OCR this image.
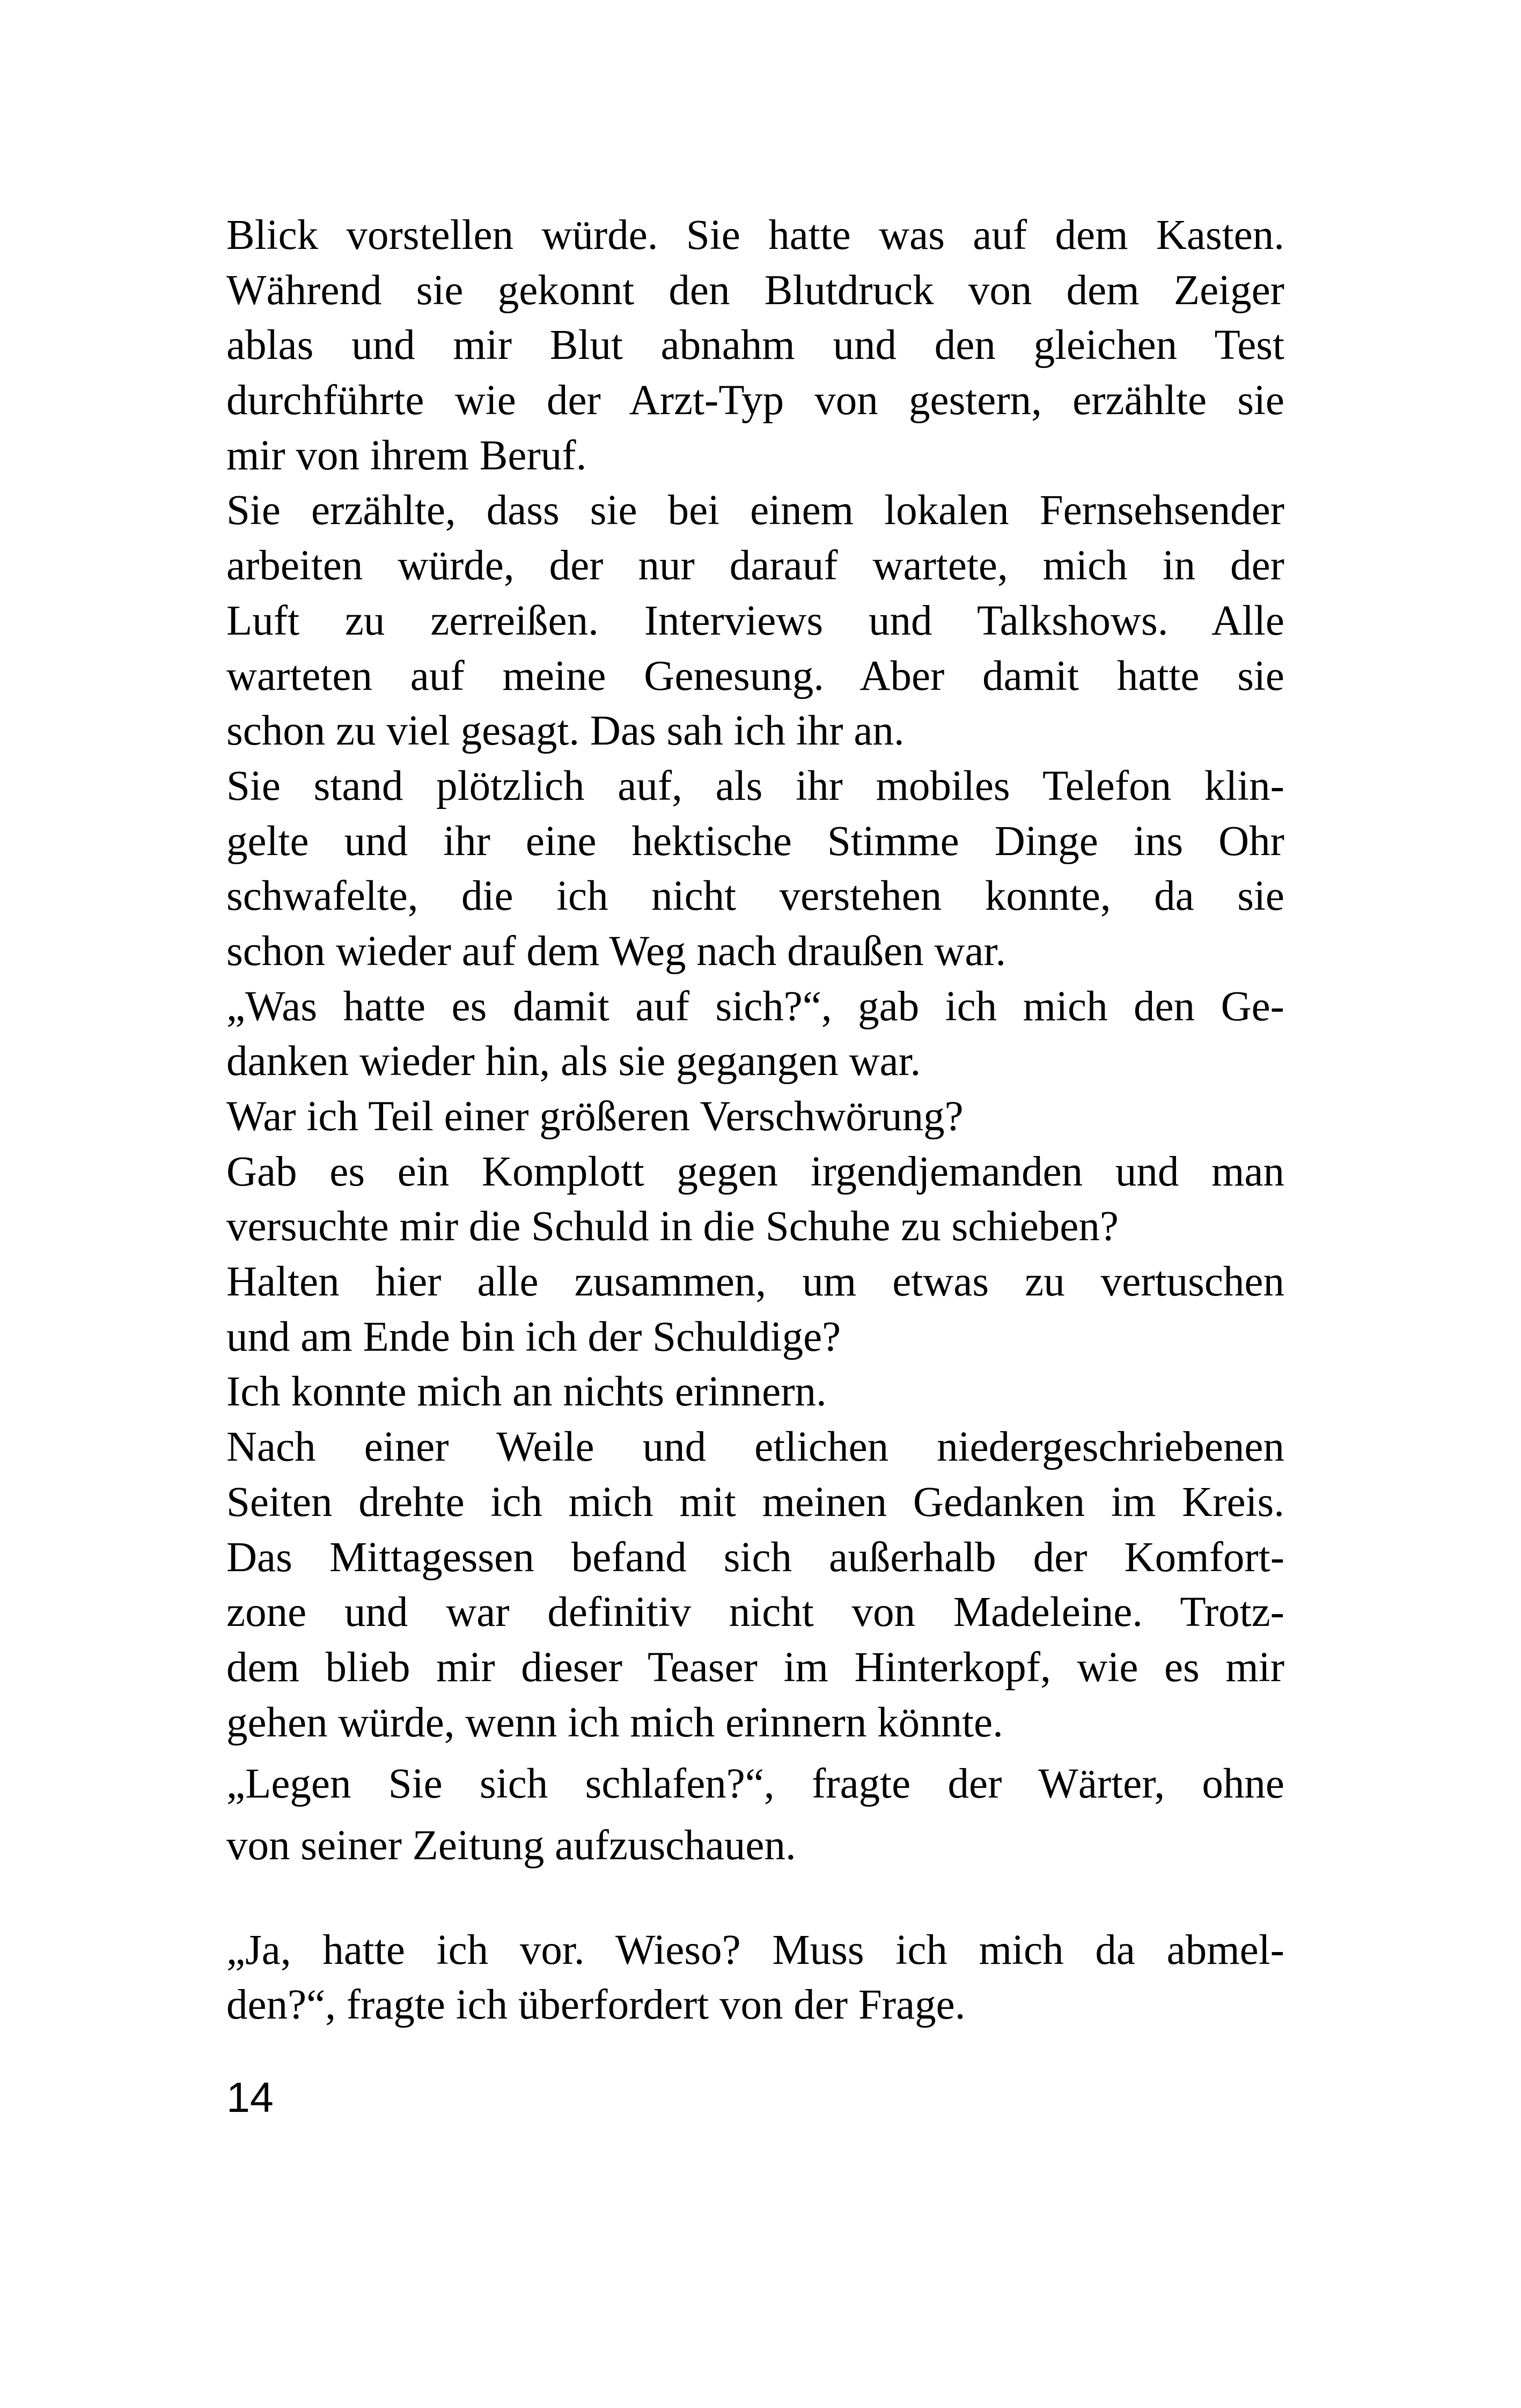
Blick vorstellen würde. Sie hatte was auf dem Kasten.
Während sie gekonnt den Blutdruck von dem Zeiger
ablas und mir Blut abnahm und den gleichen Test
durchführte wie der Arzt-Typ von gestern, erzählte sie
mir von ihrem Beruf.
Sie erzählte, dass sie bei einem lokalen Fernsehsender
arbeiten würde, der nur darauf wartete, mich in der
Luft zu zerreißen. Interviews und Talkshows. Alle
warteten auf meine Genesung. Aber damit hatte sie
schon zu viel gesagt. Das sah ich ihr an.
Sie stand plötzlich auf, als ihr mobiles Telefon klin-
gelte und ihr eine hektische Stimme Dinge ins Ohr
schwafelte, die ich nicht verstehen konnte, da sie
schon wieder auf dem Weg nach draußen war.
„Was hatte es damit auf sich?“, gab ich mich den Ge-
danken wieder hin, als sie gegangen war.
War ich Teil einer größeren Verschwörung?
Gab es ein Komplott gegen irgendjemanden und man
versuchte mir die Schuld in die Schuhe zu schieben?
Halten hier alle zusammen, um etwas zu vertuschen
und am Ende bin ich der Schuldige?
Ich konnte mich an nichts erinnern.
Nach einer Weile und etlichen niedergeschriebenen
Seiten drehte ich mich mit meinen Gedanken im Kreis.
Das Mittagessen befand sich außerhalb der Komfort-
zone und war definitiv nicht von Madeleine. Trotz-
dem blieb mir dieser Teaser im Hinterkopf, wie es mir
gehen würde, wenn ich mich erinnern könnte.
„Legen Sie sich schlafen?“, fragte der Wärter, ohne
von seiner Zeitung aufzuschauen.
„Ja, hatte ich vor. Wieso? Muss ich mich da abmel-
den?“, fragte ich überfordert von der Frage.
14
